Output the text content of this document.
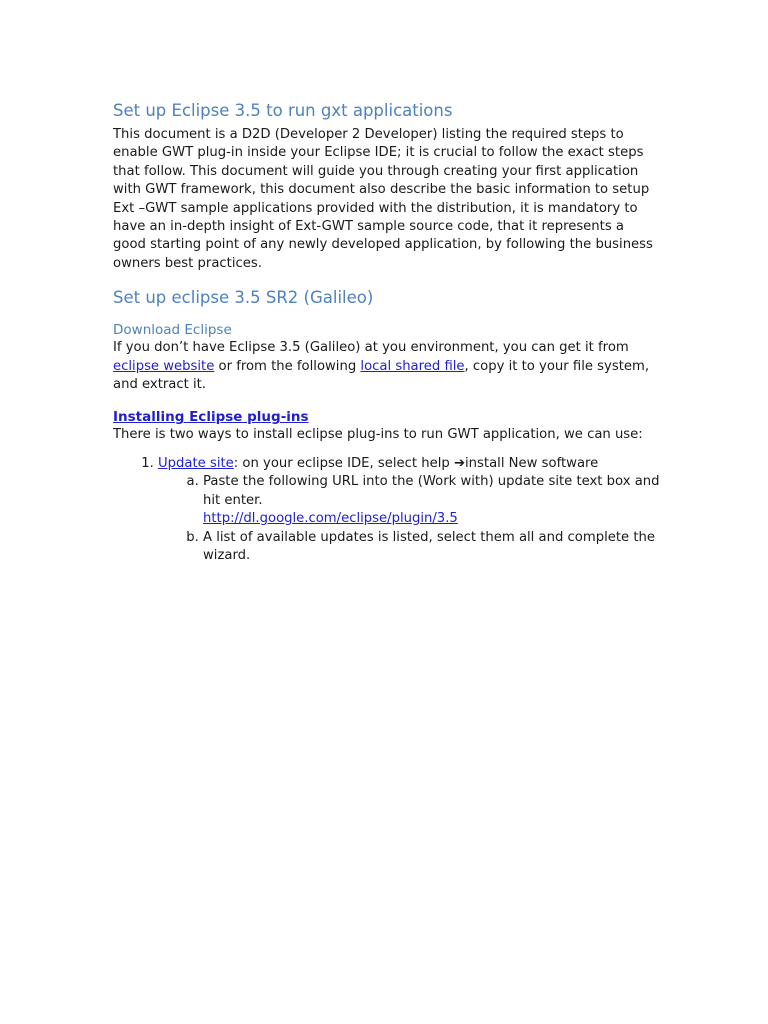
Set up Eclipse 3.5 to run gxt applications

This document is a D2D (Developer 2 Developer) listing the required steps to enable GWT plug-in inside your Eclipse IDE; it is crucial to follow the exact steps that follow. This document will guide you through creating your first application with GWT framework, this document also describe the basic information to setup Ext –GWT sample applications provided with the distribution, it is mandatory to have an in-depth insight of Ext-GWT sample source code, that it represents a good starting point of any newly developed application, by following the business owners best practices.

Set up eclipse 3.5 SR2 (Galileo)
Download Eclipse

If you don’t have Eclipse 3.5 (Galileo) at you environment, you can get it from eclipse website or from the following local shared file, copy it to your file system, and extract it.

Installing Eclipse plug-ins

There is two ways to install eclipse plug-ins to run GWT application, we can use:

1. Update site: on your eclipse IDE, select help ➔install New software
a. Paste the following URL into the (Work with) update site text box and hit enter.
http://dl.google.com/eclipse/plugin/3.5
b. A list of available updates is listed, select them all and complete the wizard.
